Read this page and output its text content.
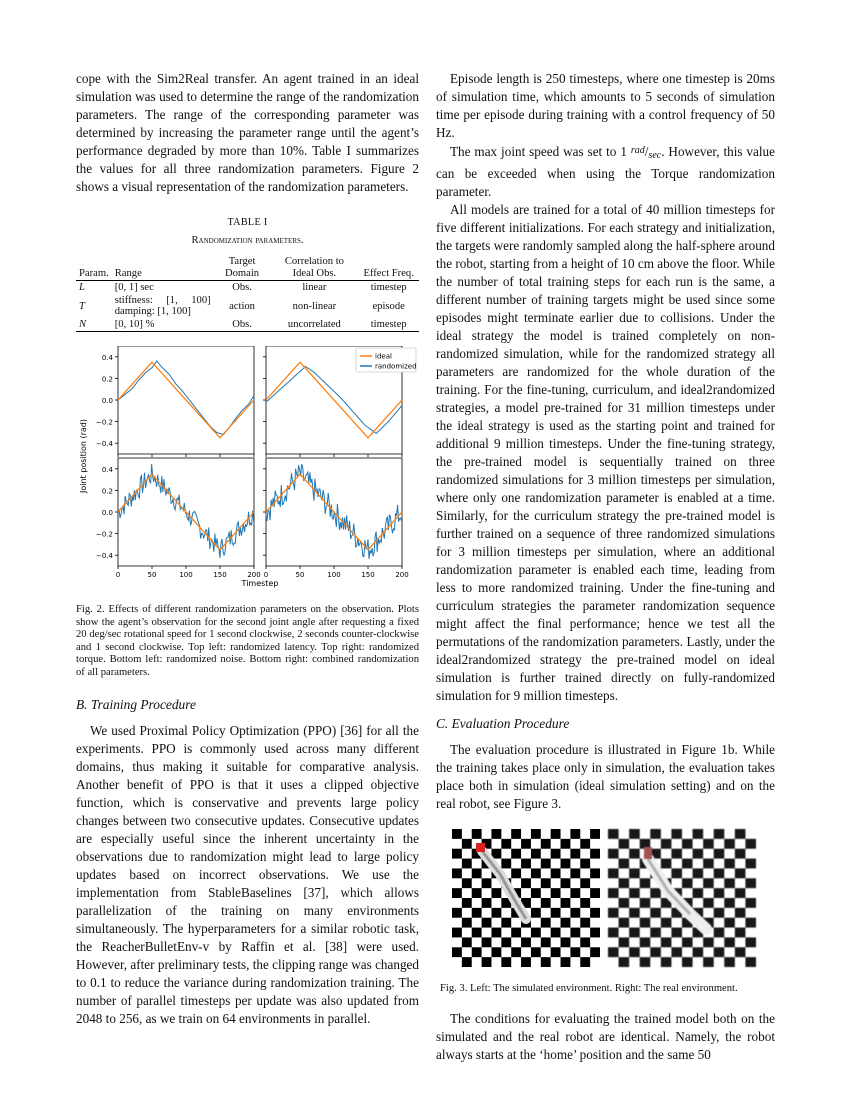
cope with the Sim2Real transfer. An agent trained in an ideal simulation was used to determine the range of the randomization parameters. The range of the corresponding parameter was determined by increasing the parameter range until the agent’s performance degraded by more than 10%. Table I summarizes the values for all three randomization parameters. Figure 2 shows a visual representation of the randomization parameters.

TABLE I
Randomization parameters.
Param.	Range	Target Domain	Correlation to Ideal Obs.	Effect Freq.
L	[0, 1] sec	Obs.	linear	timestep
T	stiffness: [1, 100] damping: [1, 100]	action	non-linear	episode
N	[0, 10] %	Obs.	uncorrelated	timestep
−0.4
−0.2
0.0
0.2
0.4
−0.4
−0.2
0.0
0.2
0.4
0	50	100	150	200 0	50	100	150	200
Timestep
Joint position (rad)
ideal
randomized

Fig. 2. Effects of different randomization parameters on the observation. Plots show the agent’s observation for the second joint angle after requesting a fixed 20 deg/sec rotational speed for 1 second clockwise, 2 seconds counter-clockwise and 1 second clockwise. Top left: randomized latency. Top right: randomized torque. Bottom left: randomized noise. Bottom right: combined randomization of all parameters.

B. Training Procedure

We used Proximal Policy Optimization (PPO) [36] for all the experiments. PPO is commonly used across many different domains, thus making it suitable for comparative analysis. Another benefit of PPO is that it uses a clipped objective function, which is conservative and prevents large policy changes between two consecutive updates. Consecutive updates are especially useful since the inherent uncertainty in the observations due to randomization might lead to large policy updates based on incorrect observations. We use the implementation from StableBaselines [37], which allows parallelization of the training on many environments simultaneously. The hyperparameters for a similar robotic task, the ReacherBulletEnv-v by Raffin et al. [38] were used. However, after preliminary tests, the clipping range was changed to 0.1 to reduce the variance during randomization training. The number of parallel timesteps per update was also updated from 2048 to 256, as we train on 64 environments in parallel.

Episode length is 250 timesteps, where one timestep is 20ms of simulation time, which amounts to 5 seconds of simulation time per episode during training with a control frequency of 50 Hz.

The max joint speed was set to 1 $^{rad}$/sec. However, this value can be exceeded when using the Torque randomization parameter.

All models are trained for a total of 40 million timesteps for five different initializations. For each strategy and initialization, the targets were randomly sampled along the half-sphere around the robot, starting from a height of 10 cm above the floor. While the number of total training steps for each run is the same, a different number of training targets might be used since some episodes might terminate earlier due to collisions. Under the ideal strategy the model is trained completely on non-randomized simulation, while for the randomized strategy all parameters are randomized for the whole duration of the training. For the fine-tuning, curriculum, and ideal2randomized strategies, a model pre-trained for 31 million timesteps under the ideal strategy is used as the starting point and trained for additional 9 million timesteps. Under the fine-tuning strategy, the pre-trained model is sequentially trained on three randomized simulations for 3 million timesteps per simulation, where only one randomization parameter is enabled at a time. Similarly, for the curriculum strategy the pre-trained model is further trained on a sequence of three randomized simulations for 3 million timesteps per simulation, where an additional randomization parameter is enabled each time, leading from less to more randomized training. Under the fine-tuning and curriculum strategies the parameter randomization sequence might affect the final performance; hence we test all the permutations of the randomization parameters. Lastly, under the ideal2randomized strategy the pre-trained model on ideal simulation is further trained directly on fully-randomized simulation for 9 million timesteps.

C. Evaluation Procedure

The evaluation procedure is illustrated in Figure 1b. While the training takes place only in simulation, the evaluation takes place both in simulation (ideal simulation setting) and on the real robot, see Figure 3.

Fig. 3. Left: The simulated environment. Right: The real environment.

The conditions for evaluating the trained model both on the simulated and the real robot are identical. Namely, the robot always starts at the ‘home’ position and the same 50
